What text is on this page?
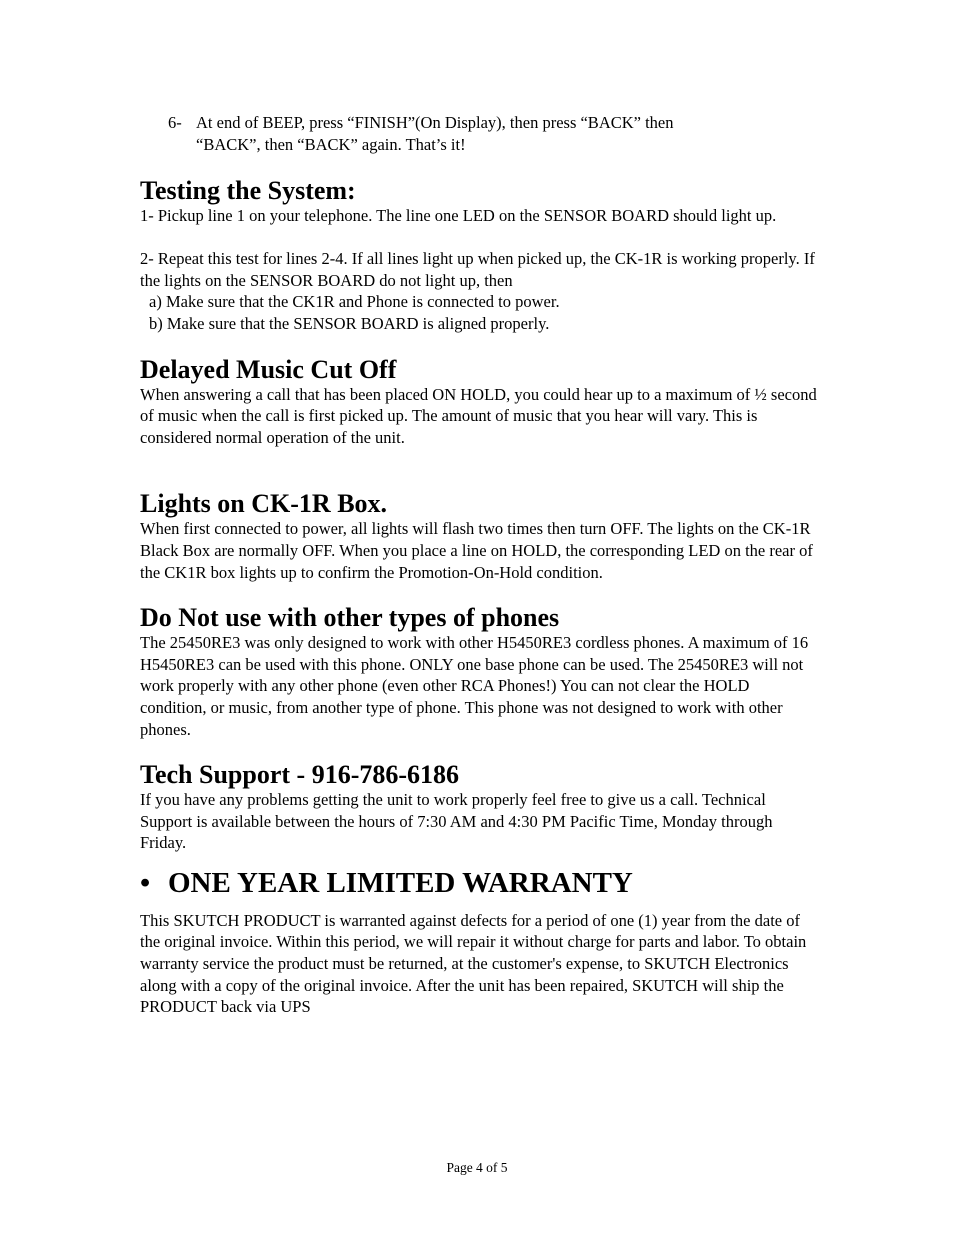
6- At end of BEEP, press “FINISH”(On Display), then press “BACK” then
“BACK”, then “BACK” again. That’s it!
Testing the System:

1- Pickup line 1 on your telephone. The line one LED on the SENSOR BOARD should light up.

2- Repeat this test for lines 2-4. If all lines light up when picked up, the CK-1R is working properly. If the lights on the SENSOR BOARD do not light up, then

a) Make sure that the CK1R and Phone is connected to power.

b) Make sure that the SENSOR BOARD is aligned properly.

Delayed Music Cut Off

When answering a call that has been placed ON HOLD, you could hear up to a maximum of ½ second of music when the call is first picked up. The amount of music that you hear will vary. This is considered normal operation of the unit.

Lights on CK-1R Box.

When first connected to power, all lights will flash two times then turn OFF. The lights on the CK-1R Black Box are normally OFF. When you place a line on HOLD, the corresponding LED on the rear of the CK1R box lights up to confirm the Promotion-On-Hold condition.

Do Not use with other types of phones

The 25450RE3 was only designed to work with other H5450RE3 cordless phones. A maximum of 16 H5450RE3 can be used with this phone. ONLY one base phone can be used. The 25450RE3 will not work properly with any other phone (even other RCA Phones!) You can not clear the HOLD condition, or music, from another type of phone. This phone was not designed to work with other phones.

Tech Support - 916-786-6186

If you have any problems getting the unit to work properly feel free to give us a call. Technical Support is available between the hours of 7:30 AM and 4:30 PM Pacific Time, Monday through Friday.

• ONE YEAR LIMITED WARRANTY

This SKUTCH PRODUCT is warranted against defects for a period of one (1) year from the date of the original invoice. Within this period, we will repair it without charge for parts and labor. To obtain warranty service the product must be returned, at the customer's expense, to SKUTCH Electronics along with a copy of the original invoice. After the unit has been repaired, SKUTCH will ship the PRODUCT back via UPS

Page 4 of 5
